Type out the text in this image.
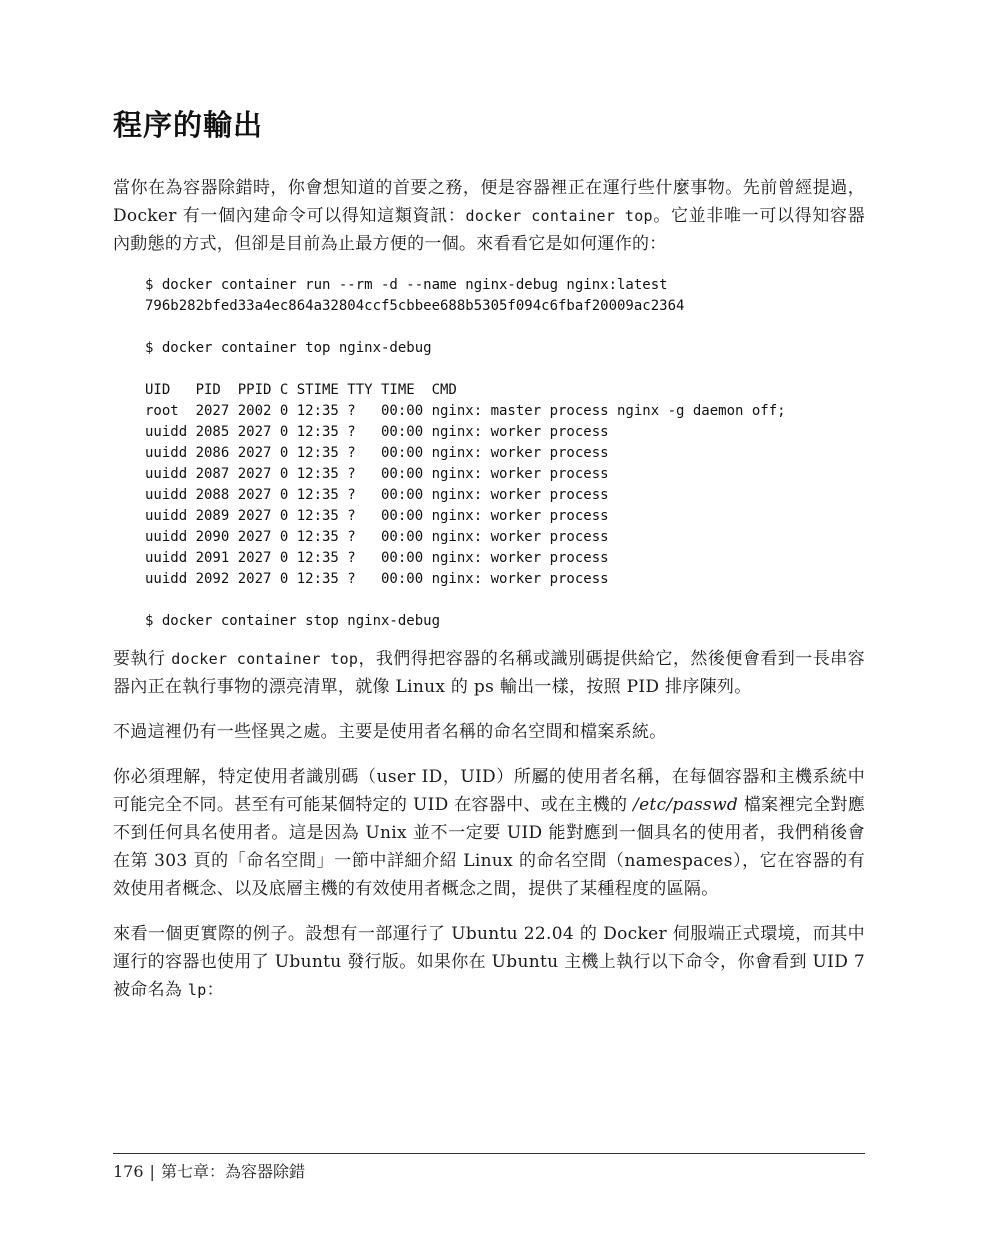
程序的輸出

當你在為容器除錯時，你會想知道的首要之務，便是容器裡正在運行些什麼事物。先前曾經提過，Docker 有一個內建命令可以得知這類資訊：docker container top。它並非唯一可以得知容器內動態的方式，但卻是目前為止最方便的一個。來看看它是如何運作的：

$ docker container run --rm -d --name nginx-debug nginx:latest
796b282bfed33a4ec864a32804ccf5cbbee688b5305f094c6fbaf20009ac2364
$ docker container top nginx-debug
UID   PID  PPID C STIME TTY TIME  CMD
root  2027 2002 0 12:35 ?   00:00 nginx: master process nginx -g daemon off;
uuidd 2085 2027 0 12:35 ?   00:00 nginx: worker process
uuidd 2086 2027 0 12:35 ?   00:00 nginx: worker process
uuidd 2087 2027 0 12:35 ?   00:00 nginx: worker process
uuidd 2088 2027 0 12:35 ?   00:00 nginx: worker process
uuidd 2089 2027 0 12:35 ?   00:00 nginx: worker process
uuidd 2090 2027 0 12:35 ?   00:00 nginx: worker process
uuidd 2091 2027 0 12:35 ?   00:00 nginx: worker process
uuidd 2092 2027 0 12:35 ?   00:00 nginx: worker process
$ docker container stop nginx-debug

要執行 docker container top，我們得把容器的名稱或識別碼提供給它，然後便會看到一長串容器內正在執行事物的漂亮清單，就像 Linux 的 ps 輸出一樣，按照 PID 排序陳列。

不過這裡仍有一些怪異之處。主要是使用者名稱的命名空間和檔案系統。

你必須理解，特定使用者識別碼（user ID，UID）所屬的使用者名稱，在每個容器和主機系統中可能完全不同。甚至有可能某個特定的 UID 在容器中、或在主機的 /etc/passwd 檔案裡完全對應不到任何具名使用者。這是因為 Unix 並不一定要 UID 能對應到一個具名的使用者，我們稍後會在第 303 頁的「命名空間」一節中詳細介紹 Linux 的命名空間（namespaces），它在容器的有效使用者概念、以及底層主機的有效使用者概念之間，提供了某種程度的區隔。

來看一個更實際的例子。設想有一部運行了 Ubuntu 22.04 的 Docker 伺服端正式環境，而其中運行的容器也使用了 Ubuntu 發行版。如果你在 Ubuntu 主機上執行以下命令，你會看到 UID 7 被命名為 lp：

176 | 第七章：為容器除錯
